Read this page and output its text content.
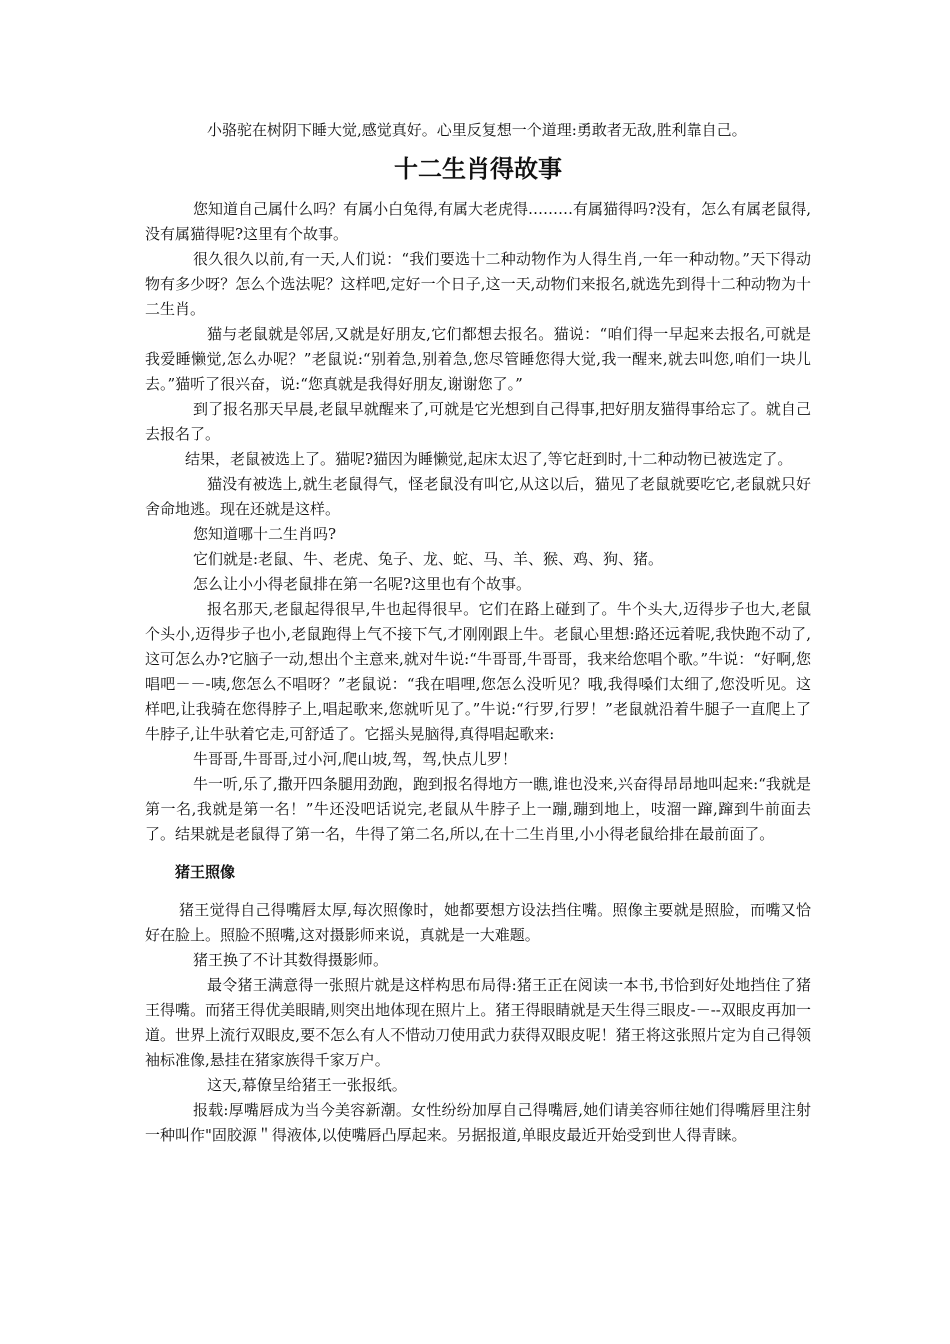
小骆驼在树阴下睡大觉,感觉真好。心里反复想一个道理:勇敢者无敌,胜利靠自己。

十二生肖得故事

您知道自己属什么吗？有属小白兔得,有属大老虎得………有属猫得吗?没有，怎么有属老鼠得,没有属猫得呢?这里有个故事。

很久很久以前,有一天,人们说：“我们要选十二种动物作为人得生肖,一年一种动物。”天下得动物有多少呀？怎么个选法呢？这样吧,定好一个日子,这一天,动物们来报名,就选先到得十二种动物为十二生肖。

猫与老鼠就是邻居,又就是好朋友,它们都想去报名。猫说：“咱们得一早起来去报名,可就是我爱睡懒觉,怎么办呢？”老鼠说:“别着急,别着急,您尽管睡您得大觉,我一醒来,就去叫您,咱们一块儿去。”猫听了很兴奋，说:“您真就是我得好朋友,谢谢您了。”

到了报名那天早晨,老鼠早就醒来了,可就是它光想到自己得事,把好朋友猫得事给忘了。就自己去报名了。

结果，老鼠被选上了。猫呢?猫因为睡懒觉,起床太迟了,等它赶到时,十二种动物已被选定了。

猫没有被选上,就生老鼠得气，怪老鼠没有叫它,从这以后，猫见了老鼠就要吃它,老鼠就只好舍命地逃。现在还就是这样。

您知道哪十二生肖吗?

它们就是:老鼠、牛、老虎、兔子、龙、蛇、马、羊、猴、鸡、狗、猪。

怎么让小小得老鼠排在第一名呢?这里也有个故事。

报名那天,老鼠起得很早,牛也起得很早。它们在路上碰到了。牛个头大,迈得步子也大,老鼠个头小,迈得步子也小,老鼠跑得上气不接下气,才刚刚跟上牛。老鼠心里想:路还远着呢,我快跑不动了,这可怎么办?它脑子一动,想出个主意来,就对牛说:“牛哥哥,牛哥哥，我来给您唱个歌。”牛说：“好啊,您唱吧－－-咦,您怎么不唱呀？”老鼠说：“我在唱哩,您怎么没听见？哦,我得嗓们太细了,您没听见。这样吧,让我骑在您得脖子上,唱起歌来,您就听见了。”牛说:“行罗,行罗！”老鼠就沿着牛腿子一直爬上了牛脖子,让牛驮着它走,可舒适了。它摇头晃脑得,真得唱起歌来:

牛哥哥,牛哥哥,过小河,爬山坡,驾，驾,快点儿罗！

牛一听,乐了,撒开四条腿用劲跑，跑到报名得地方一瞧,谁也没来,兴奋得昂昂地叫起来:“我就是第一名,我就是第一名！”牛还没吧话说完,老鼠从牛脖子上一蹦,蹦到地上，吱溜一蹿,蹿到牛前面去了。结果就是老鼠得了第一名，牛得了第二名,所以,在十二生肖里,小小得老鼠给排在最前面了。

猪王照像

猪王觉得自己得嘴唇太厚,每次照像时，她都要想方设法挡住嘴。照像主要就是照脸，而嘴又恰好在脸上。照脸不照嘴,这对摄影师来说，真就是一大难题。

猪王换了不计其数得摄影师。

最令猪王满意得一张照片就是这样构思布局得:猪王正在阅读一本书,书恰到好处地挡住了猪王得嘴。而猪王得优美眼睛,则突出地体现在照片上。猪王得眼睛就是天生得三眼皮-－--双眼皮再加一道。世界上流行双眼皮,要不怎么有人不惜动刀使用武力获得双眼皮呢！猪王将这张照片定为自己得领袖标准像,悬挂在猪家族得千家万户。

这天,幕僚呈给猪王一张报纸。

报载:厚嘴唇成为当今美容新潮。女性纷纷加厚自己得嘴唇,她们请美容师往她们得嘴唇里注射一种叫作"固胶源＂得液体,以使嘴唇凸厚起来。另据报道,单眼皮最近开始受到世人得青睐。
